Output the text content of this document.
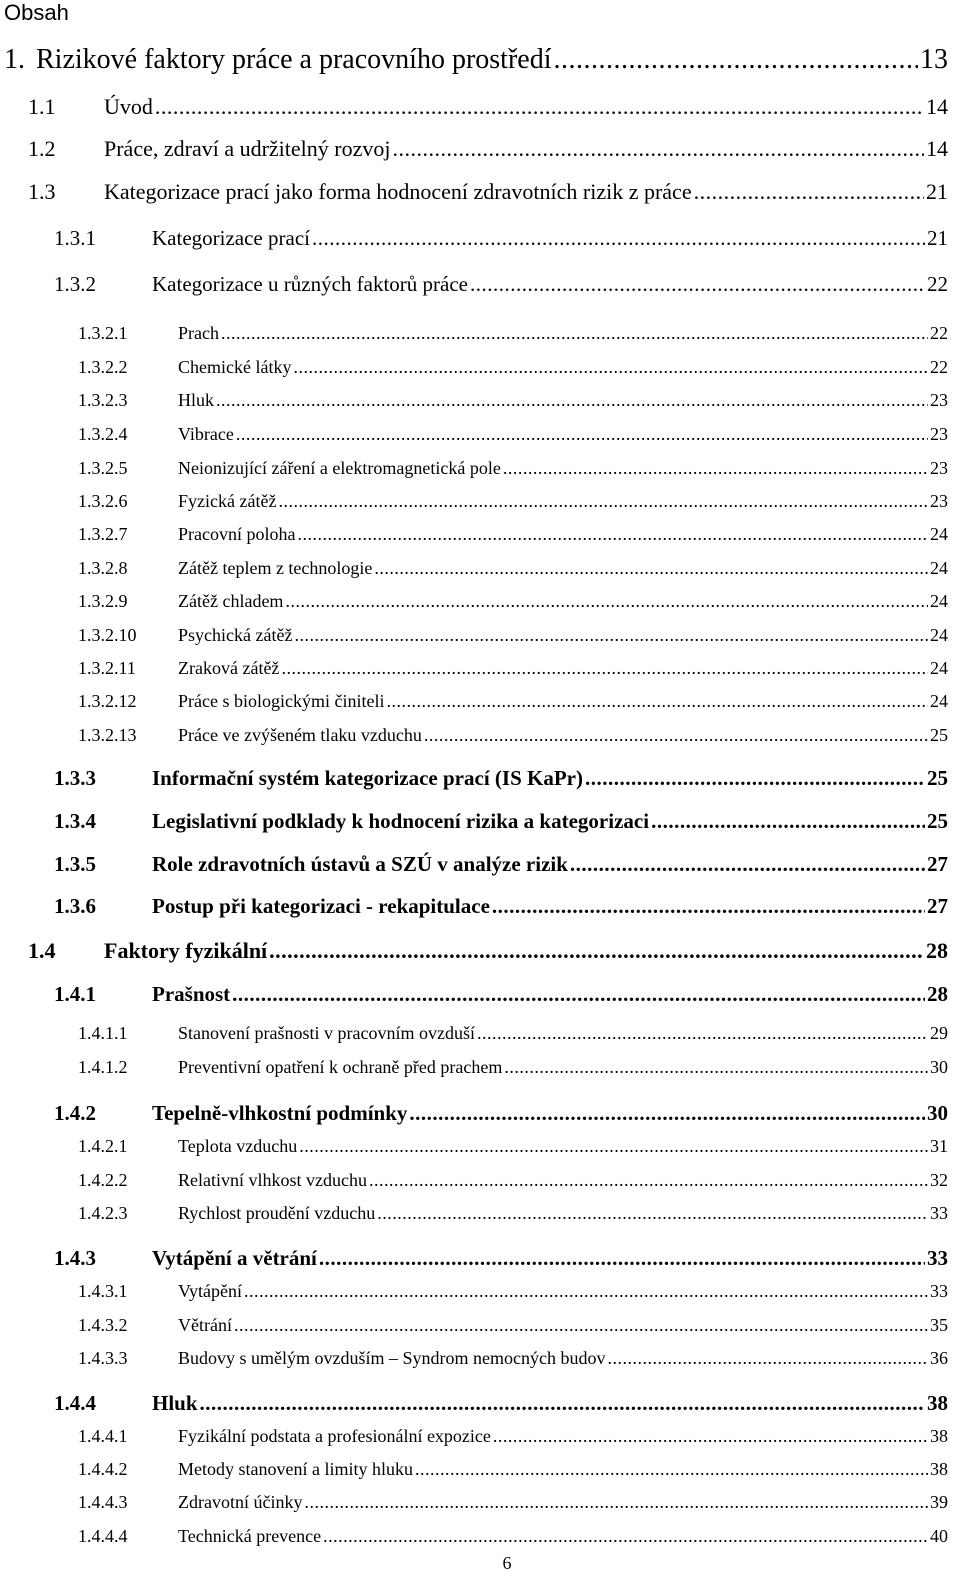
Obsah
1. Rizikové faktory práce a pracovního prostředí .....	13
1.1 Úvod .....	14
1.2 Práce, zdraví a udržitelný rozvoj .....	14
1.3 Kategorizace prací jako forma hodnocení zdravotních rizik z práce .....	21
1.3.1	Kategorizace prací .....	21
1.3.2	Kategorizace u různých faktorů práce .....	22
1.3.2.1	Prach .....	22
1.3.2.2	Chemické látky .....	22
1.3.2.3	Hluk .....	23
1.3.2.4	Vibrace .....	23
1.3.2.5	Neionizující záření a elektromagnetická pole .....	23
1.3.2.6	Fyzická zátěž .....	23
1.3.2.7	Pracovní poloha .....	24
1.3.2.8	Zátěž teplem z technologie .....	24
1.3.2.9	Zátěž chladem .....	24
1.3.2.10 Psychická zátěž .....	24
1.3.2.11 Zraková zátěž .....	24
1.3.2.12 Práce s biologickými činiteli .....	24
1.3.2.13 Práce ve zvýšeném tlaku vzduchu .....	25
1.3.3	Informační systém kategorizace prací (IS KaPr) .....	25
1.3.4	Legislativní podklady k hodnocení rizika a kategorizaci .....	25
1.3.5	Role zdravotních ústavů a SZÚ v analýze rizik .....	27
1.3.6	Postup při kategorizaci - rekapitulace .....	27
1.4 Faktory fyzikální .....	28
1.4.1	Prašnost .....	28
1.4.1.1	Stanovení prašnosti v pracovním ovzduší .....	29
1.4.1.2	Preventivní opatření k ochraně před prachem .....	30
1.4.2	Tepelně-vlhkostní podmínky .....	30
1.4.2.1	Teplota vzduchu .....	31
1.4.2.2	Relativní vlhkost vzduchu .....	32
1.4.2.3	Rychlost proudění vzduchu .....	33
1.4.3	Vytápění a větrání .....	33
1.4.3.1	Vytápění .....	33
1.4.3.2	Větrání .....	35
1.4.3.3	Budovy s umělým ovzduším – Syndrom nemocných budov .....	36
1.4.4	Hluk .....	38
1.4.4.1	Fyzikální podstata a profesionální expozice .....	38
1.4.4.2	Metody stanovení a limity hluku .....	38
1.4.4.3	Zdravotní účinky .....	39
1.4.4.4	Technická prevence .....	40
6
